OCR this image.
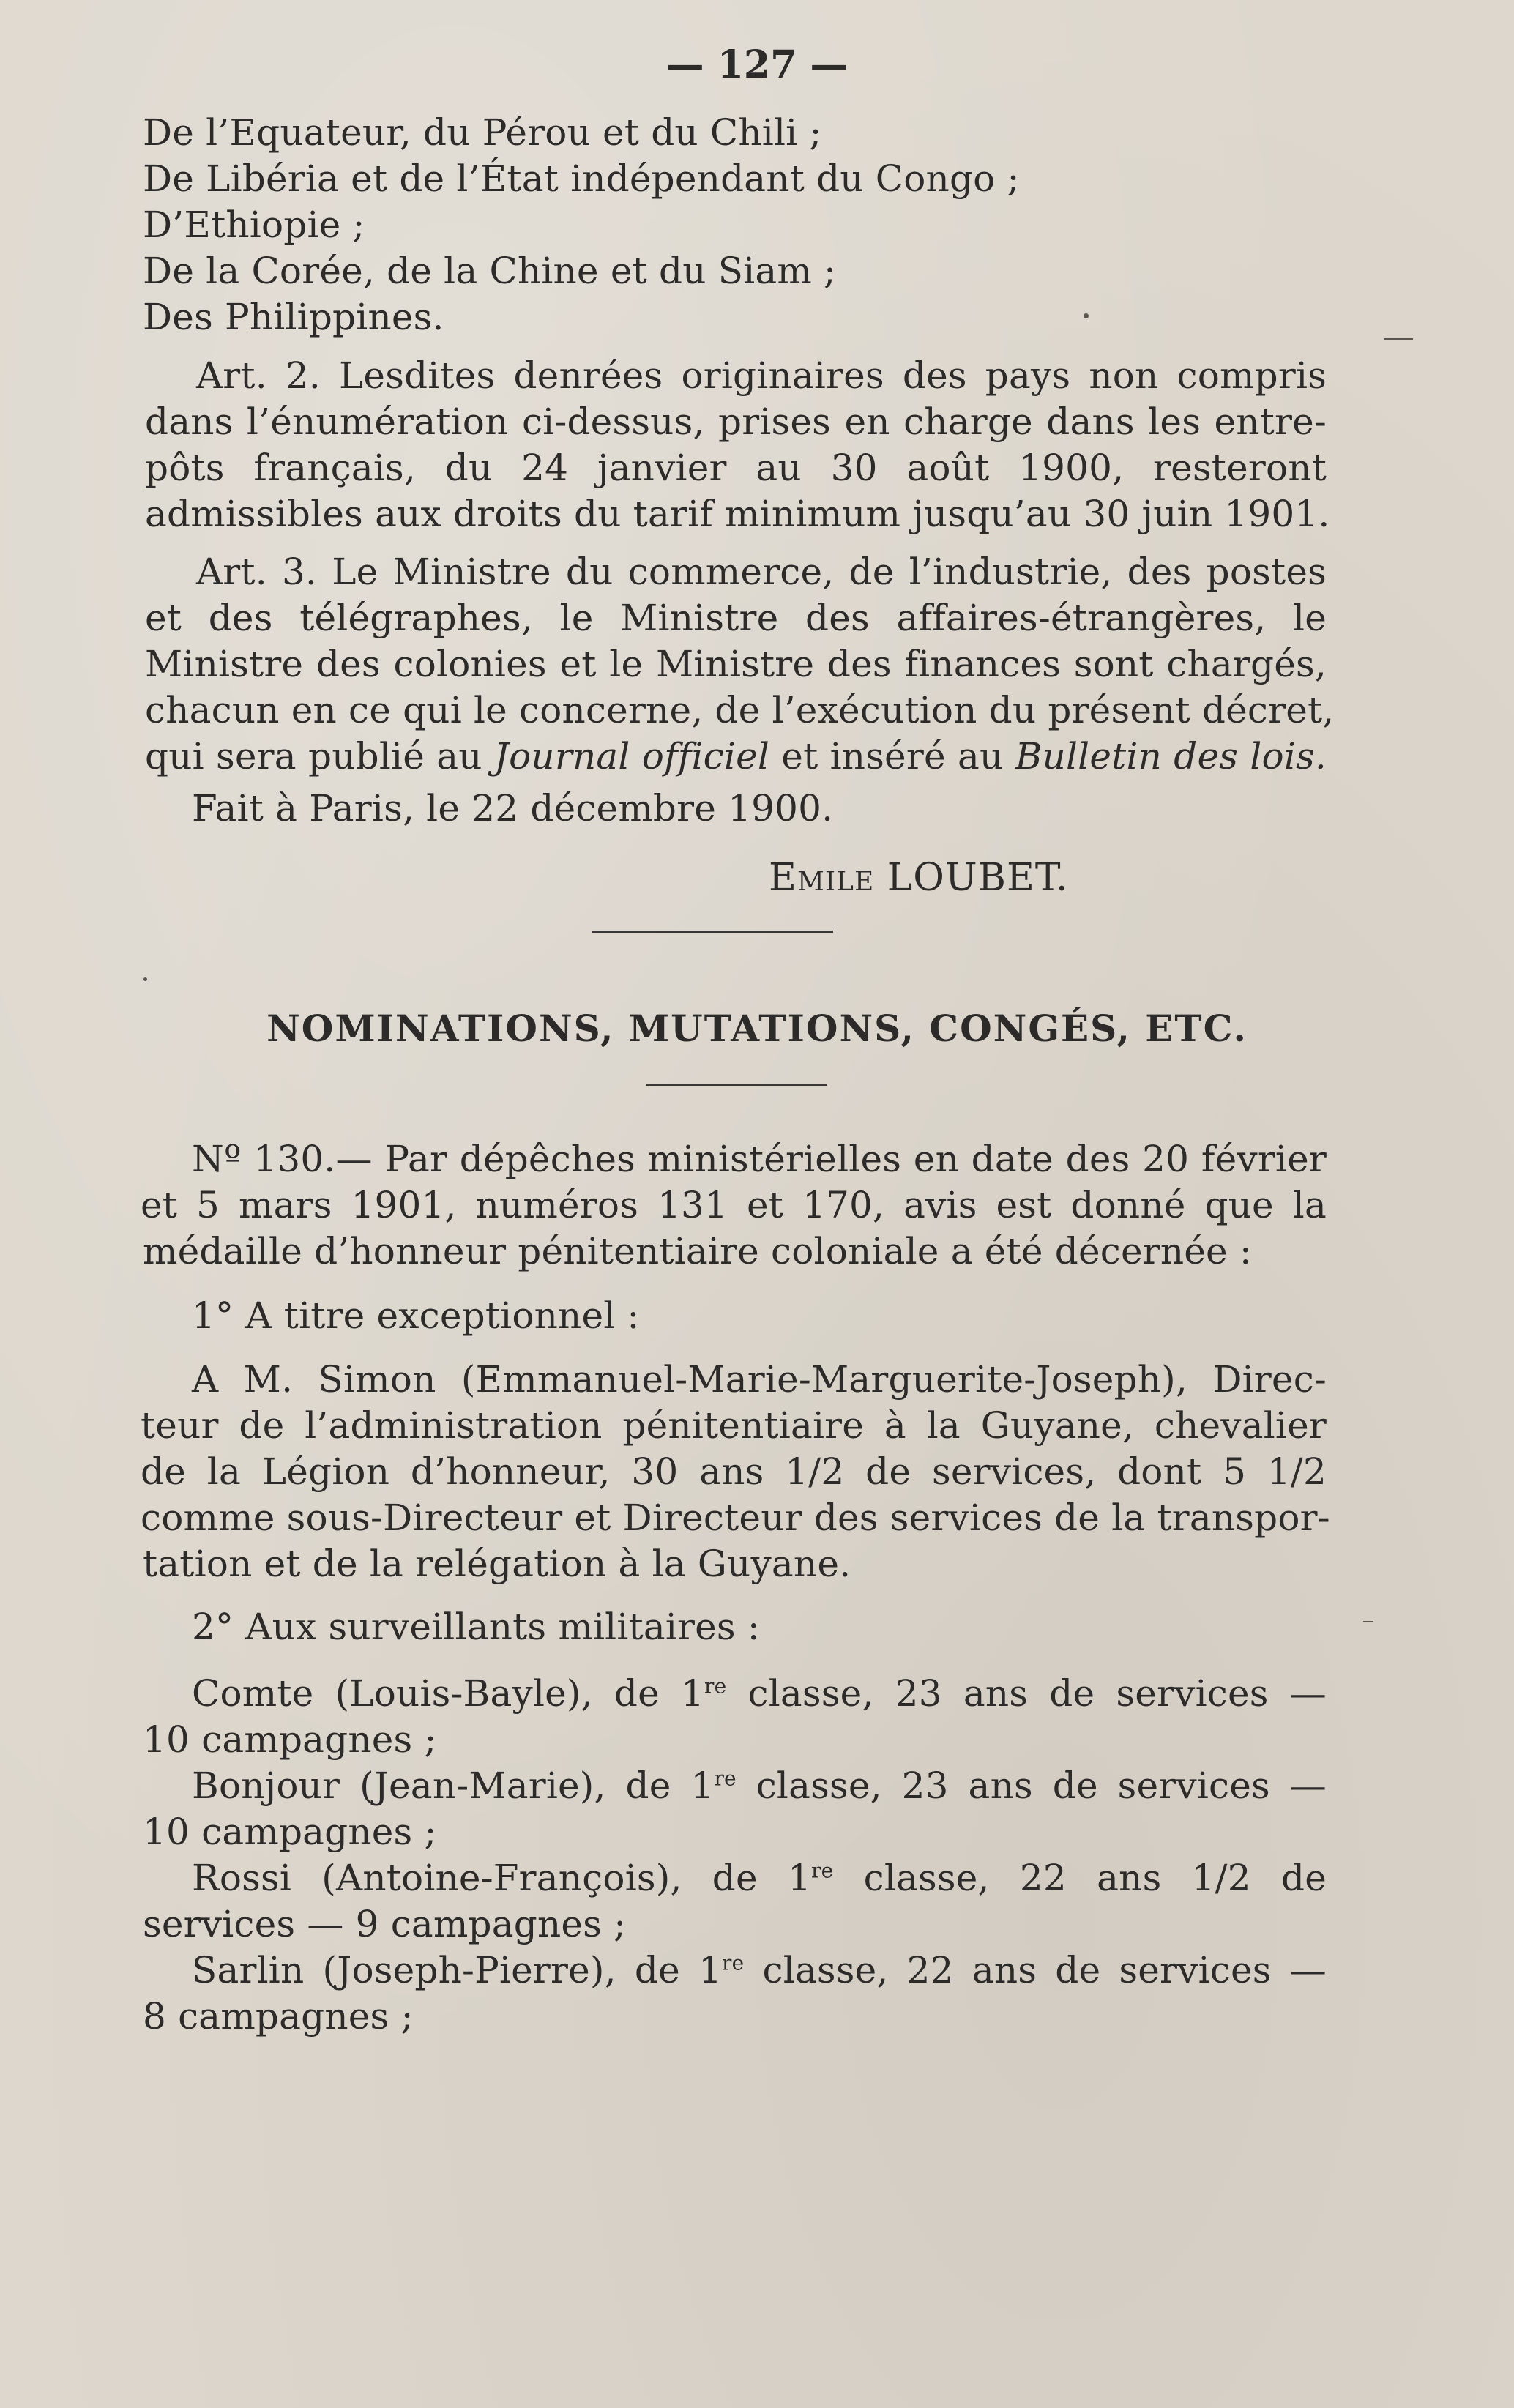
— 127 —
De l’Equateur, du Pérou et du Chili ;
De Libéria et de l’État indépendant du Congo ;
D’Ethiopie ;
De la Corée, de la Chine et du Siam ;
Des Philippines.
Art. 2. Lesdites denrées originaires des pays non compris
dans l’énumération ci-dessus, prises en charge dans les entre-
pôts français, du 24 janvier au 30 août 1900, resteront
admissibles aux droits du tarif minimum jusqu’au 30 juin 1901.
Art. 3. Le Ministre du commerce, de l’industrie, des postes
et des télégraphes, le Ministre des affaires-étrangères, le
Ministre des colonies et le Ministre des finances sont chargés,
chacun en ce qui le concerne, de l’exécution du présent décret,
qui sera publié au Journal officiel et inséré au Bulletin des lois.
Fait à Paris, le 22 décembre 1900.
Emile LOUBET.
NOMINATIONS, MUTATIONS, CONGÉS, ETC.
Nº 130.— Par dépêches ministérielles en date des 20 février
et 5 mars 1901, numéros 131 et 170, avis est donné que la
médaille d’honneur pénitentiaire coloniale a été décernée :
1° A titre exceptionnel :
A M. Simon (Emmanuel-Marie-Marguerite-Joseph), Direc-
teur de l’administration pénitentiaire à la Guyane, chevalier
de la Légion d’honneur, 30 ans 1/2 de services, dont 5 1/2
comme sous-Directeur et Directeur des services de la transpor-
tation et de la relégation à la Guyane.
2° Aux surveillants militaires :
Comte (Louis-Bayle), de 1re classe, 23 ans de services —
10 campagnes ;
Bonjour (Jean-Marie), de 1re classe, 23 ans de services —
10 campagnes ;
Rossi (Antoine-François), de 1re classe, 22 ans 1/2 de
services — 9 campagnes ;
Sarlin (Joseph-Pierre), de 1re classe, 22 ans de services —
8 campagnes ;
